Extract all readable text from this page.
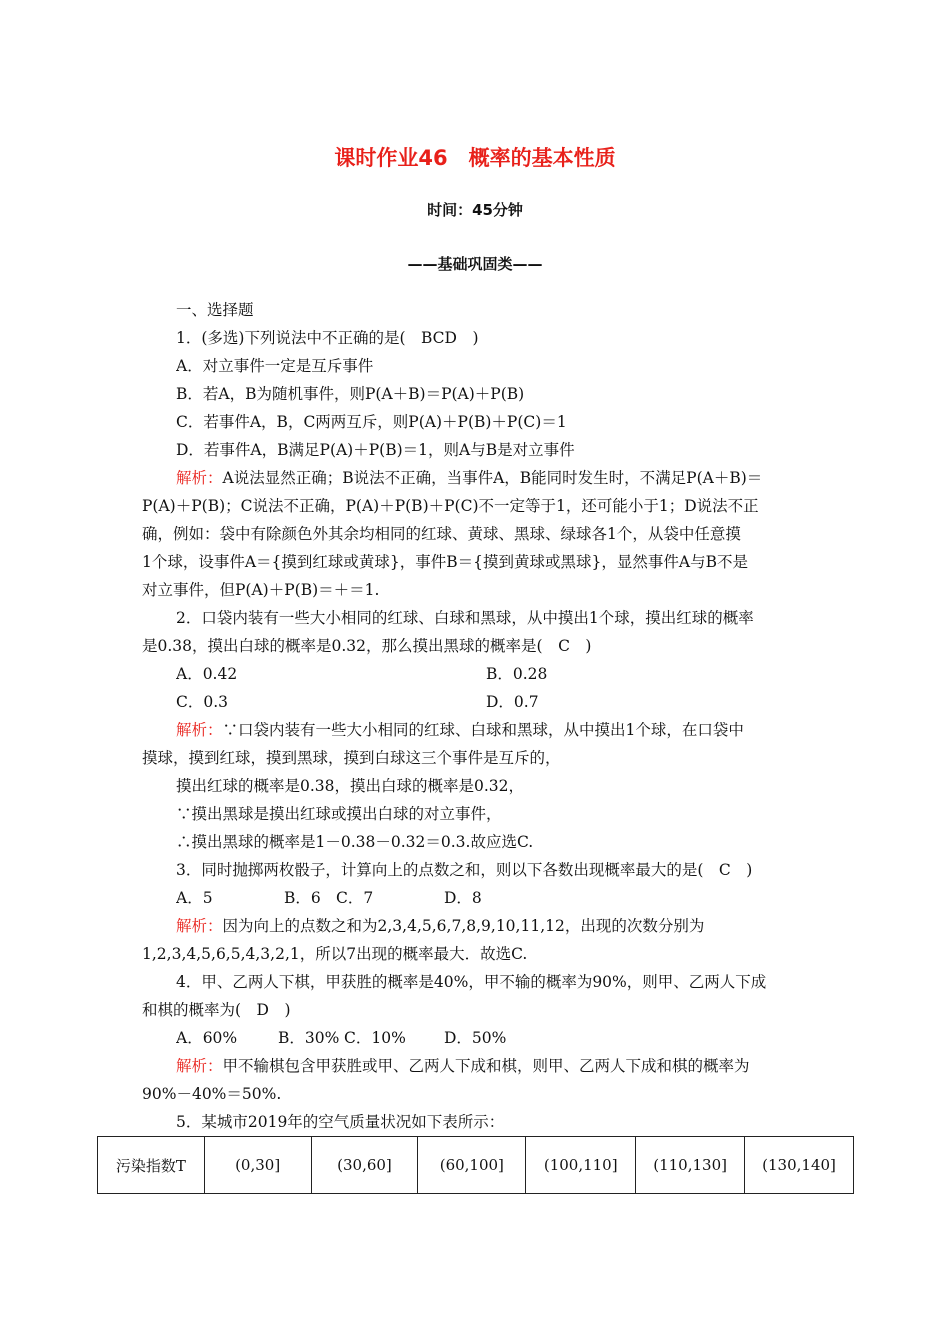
课时作业46　概率的基本性质
时间：45分钟
——基础巩固类——
一、选择题
1．(多选)下列说法中不正确的是(　BCD　)
A．对立事件一定是互斥事件
B．若A，B为随机事件，则P(A＋B)＝P(A)＋P(B)
C．若事件A，B，C两两互斥，则P(A)＋P(B)＋P(C)＝1
D．若事件A，B满足P(A)＋P(B)＝1，则A与B是对立事件
解析：A说法显然正确；B说法不正确，当事件A，B能同时发生时，不满足P(A＋B)＝
P(A)＋P(B)；C说法不正确，P(A)＋P(B)＋P(C)不一定等于1，还可能小于1；D说法不正
确，例如：袋中有除颜色外其余均相同的红球、黄球、黑球、绿球各1个，从袋中任意摸
1个球，设事件A＝{摸到红球或黄球}，事件B＝{摸到黄球或黑球}，显然事件A与B不是
对立事件，但P(A)＋P(B)＝＋＝1.
2．口袋内装有一些大小相同的红球、白球和黑球，从中摸出1个球，摸出红球的概率
是0.38，摸出白球的概率是0.32，那么摸出黑球的概率是(　C　)
A．0.42	B．0.28
C．0.3	D．0.7
解析：∵口袋内装有一些大小相同的红球、白球和黑球，从中摸出1个球，在口袋中
摸球，摸到红球，摸到黑球，摸到白球这三个事件是互斥的，
摸出红球的概率是0.38，摸出白球的概率是0.32，
∵摸出黑球是摸出红球或摸出白球的对立事件，
∴摸出黑球的概率是1－0.38－0.32＝0.3.故应选C.
3．同时抛掷两枚骰子，计算向上的点数之和，则以下各数出现概率最大的是(　C　)
A．5	B．6 C．7	D．8
解析：因为向上的点数之和为2,3,4,5,6,7,8,9,10,11,12，出现的次数分别为
1,2,3,4,5,6,5,4,3,2,1，所以7出现的概率最大．故选C.
4．甲、乙两人下棋，甲获胜的概率是40%，甲不输的概率为90%，则甲、乙两人下成
和棋的概率为(　D　)
A．60%	B．30% C．10% D．50%
解析：甲不输棋包含甲获胜或甲、乙两人下成和棋，则甲、乙两人下成和棋的概率为
90%－40%＝50%.
5．某城市2019年的空气质量状况如下表所示：
污染指数T	(0,30]	(30,60]	(60,100]	(100,110]	(110,130]	(130,140]
